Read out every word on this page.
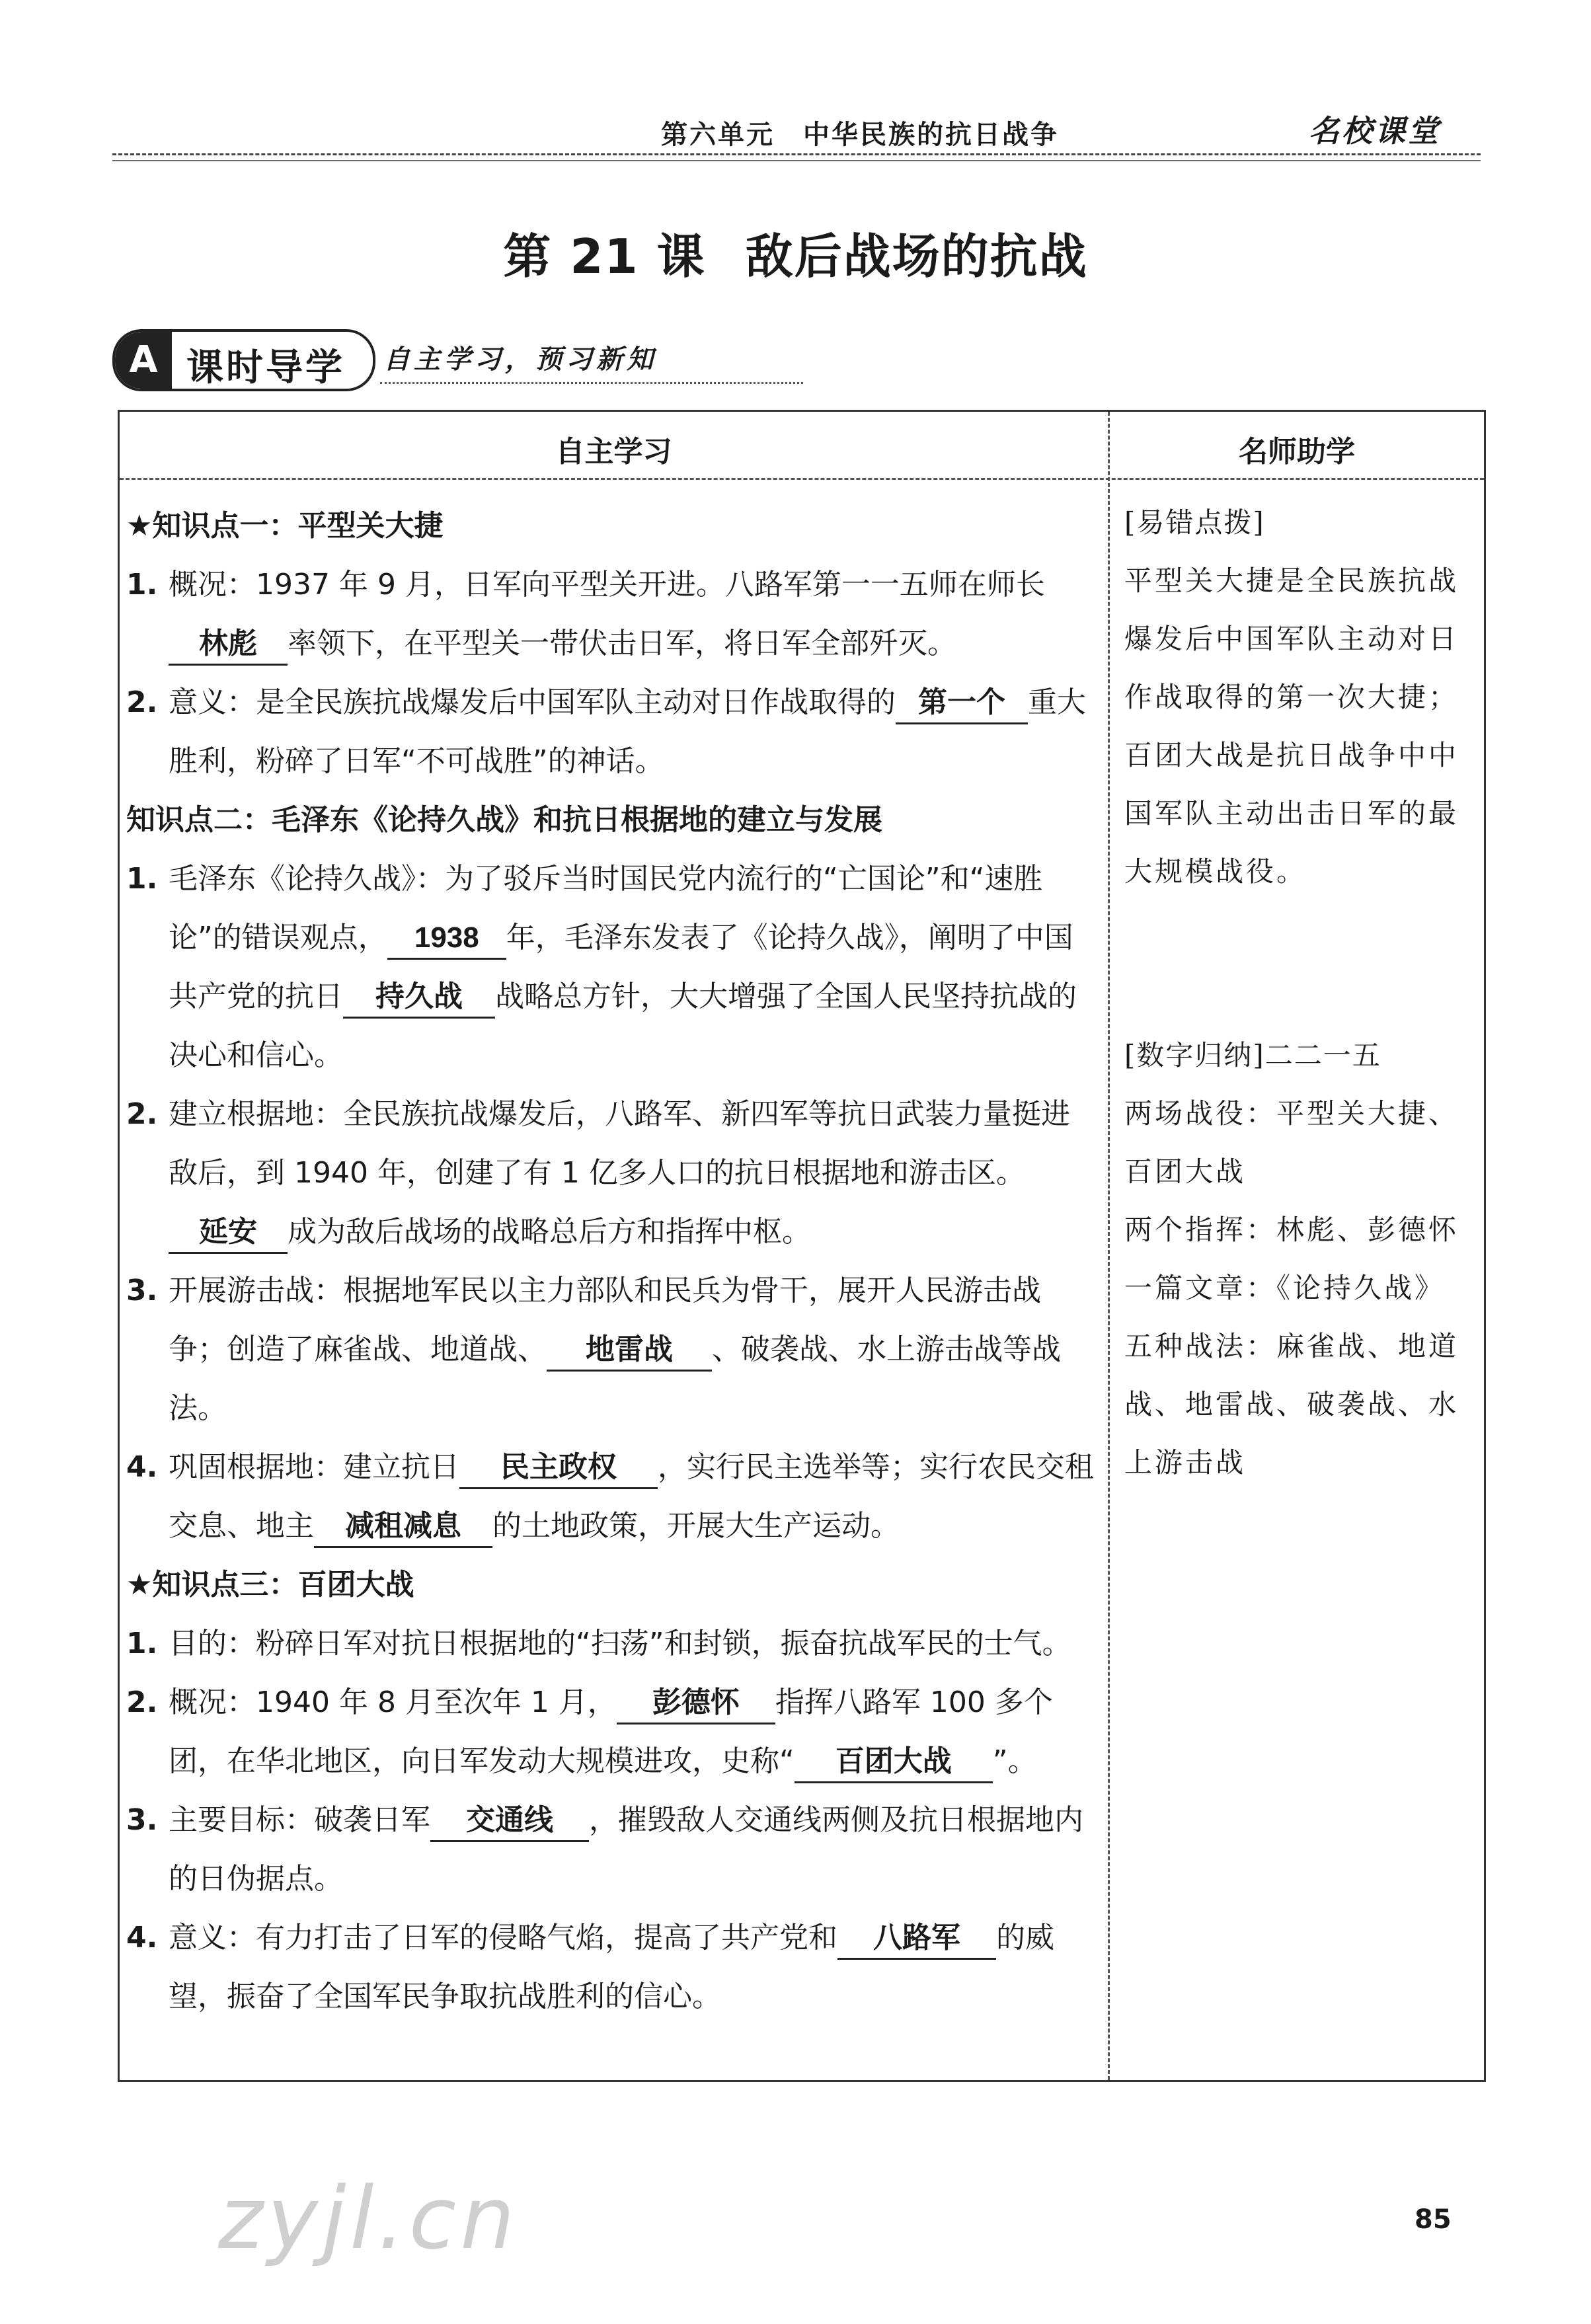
第六单元　中华民族的抗日战争	名校课堂
第 21 课 敌后战场的抗战
A 课时导学 自主学习，预习新知
自主学习	名师助学
★知识点一：平型关大捷
1. 概况：1937 年 9 月，日军向平型关开进。八路军第一一五师在师长林彪 率领下，在平型关一带伏击日军，将日军全部歼灭。
2. 意义：是全民族抗战爆发后中国军队主动对日作战取得的 第一个 重大胜利，粉碎了日军“不可战胜”的神话。
知识点二：毛泽东《论持久战》和抗日根据地的建立与发展
1. 毛泽东《论持久战》：为了驳斥当时国民党内流行的“亡国论”和“速胜论”的错误观点， 1938 年，毛泽东发表了《论持久战》，阐明了中国共产党的抗日 持久战 战略总方针，大大增强了全国人民坚持抗战的决心和信心。
2. 建立根据地：全民族抗战爆发后，八路军、新四军等抗日武装力量挺进敌后，到 1940 年，创建了有 1 亿多人口的抗日根据地和游击区。延安 成为敌后战场的战略总后方和指挥中枢。
3. 开展游击战：根据地军民以主力部队和民兵为骨干，展开人民游击战争；创造了麻雀战、地道战、 地雷战 、破袭战、水上游击战等战法。
4. 巩固根据地：建立抗日 民主政权 ，实行民主选举等；实行农民交租交息、地主 减租减息 的土地政策，开展大生产运动。
★知识点三：百团大战
1. 目的：粉碎日军对抗日根据地的“扫荡”和封锁，振奋抗战军民的士气。
2. 概况：1940 年 8 月至次年 1 月， 彭德怀 指挥八路军 100 多个团，在华北地区，向日军发动大规模进攻，史称“ 百团大战 ”。
3. 主要目标：破袭日军 交通线 ，摧毁敌人交通线两侧及抗日根据地内的日伪据点。
4. 意义：有力打击了日军的侵略气焰，提高了共产党和 八路军 的威望，振奋了全国军民争取抗战胜利的信心。
[易错点拨]
平型关大捷是全民族抗战爆发后中国军队主动对日作战取得的第一次大捷；百团大战是抗日战争中中国军队主动出击日军的最大规模战役。
[数字归纳]二二一五
两场战役：平型关大捷、百团大战
两个指挥：林彪、彭德怀
一篇文章：《论持久战》
五种战法：麻雀战、地道战、地雷战、破袭战、水上游击战
zyjl.cn	85
